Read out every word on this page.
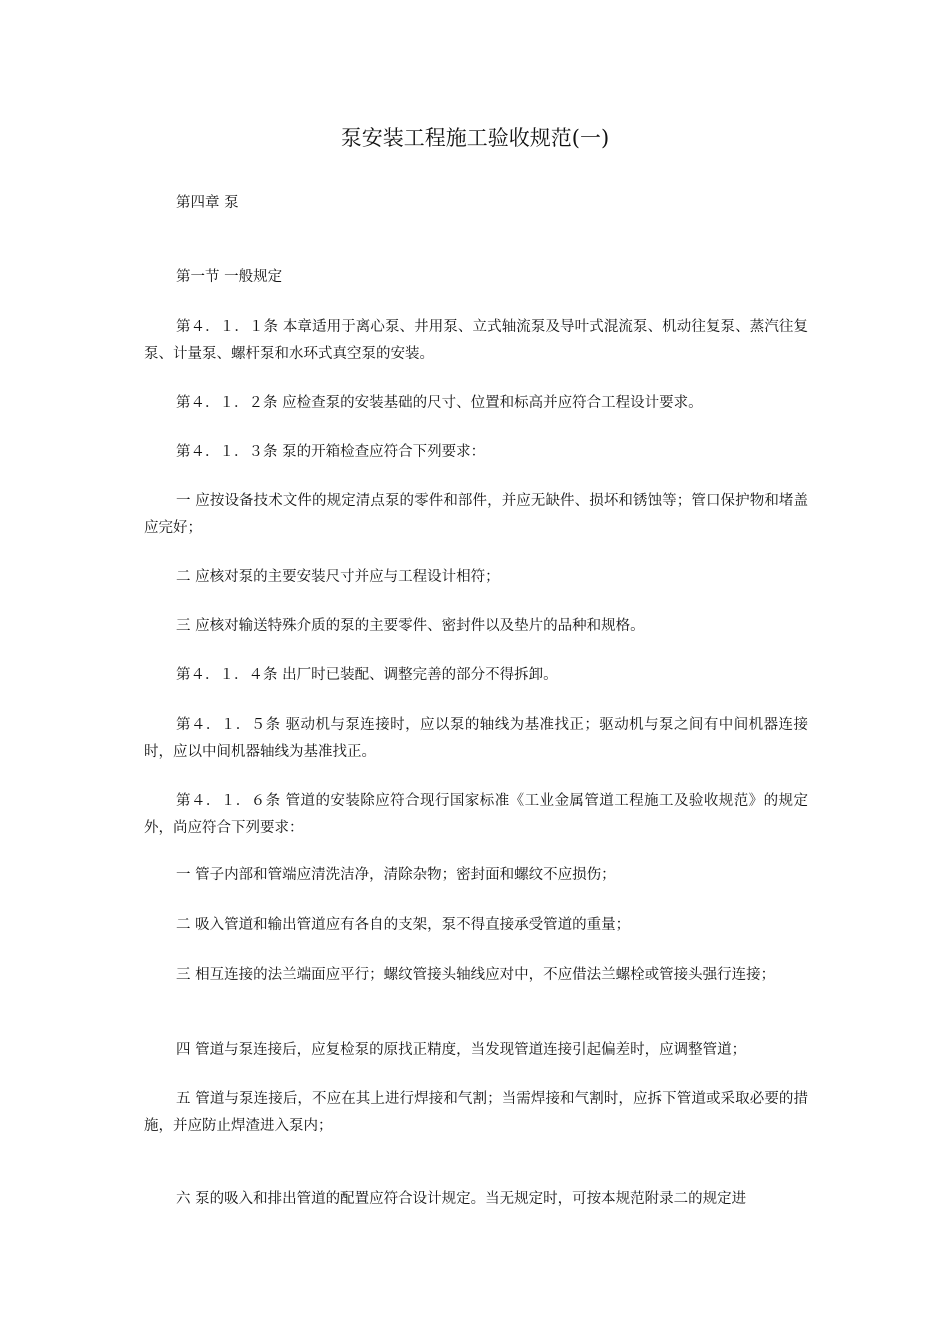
泵安装工程施工验收规范(一)

第四章 泵

第一节 一般规定

第４．１．１条 本章适用于离心泵、井用泵、立式轴流泵及导叶式混流泵、机动往复泵、蒸汽往复泵、计量泵、螺杆泵和水环式真空泵的安装。

第４．１．２条 应检查泵的安装基础的尺寸、位置和标高并应符合工程设计要求。

第４．１．３条 泵的开箱检查应符合下列要求：

一 应按设备技术文件的规定清点泵的零件和部件，并应无缺件、损坏和锈蚀等；管口保护物和堵盖应完好；

二 应核对泵的主要安装尺寸并应与工程设计相符；

三 应核对输送特殊介质的泵的主要零件、密封件以及垫片的品种和规格。

第４．１．４条 出厂时已装配、调整完善的部分不得拆卸。

第４．１．５条 驱动机与泵连接时，应以泵的轴线为基准找正；驱动机与泵之间有中间机器连接时，应以中间机器轴线为基准找正。

第４．１．６条 管道的安装除应符合现行国家标准《工业金属管道工程施工及验收规范》的规定外，尚应符合下列要求：

一 管子内部和管端应清洗洁净，清除杂物；密封面和螺纹不应损伤；

二 吸入管道和输出管道应有各自的支架，泵不得直接承受管道的重量；

三 相互连接的法兰端面应平行；螺纹管接头轴线应对中，不应借法兰螺栓或管接头强行连接；

四 管道与泵连接后，应复检泵的原找正精度，当发现管道连接引起偏差时，应调整管道；

五 管道与泵连接后，不应在其上进行焊接和气割；当需焊接和气割时，应拆下管道或采取必要的措施，并应防止焊渣进入泵内；

六 泵的吸入和排出管道的配置应符合设计规定。当无规定时，可按本规范附录二的规定进
